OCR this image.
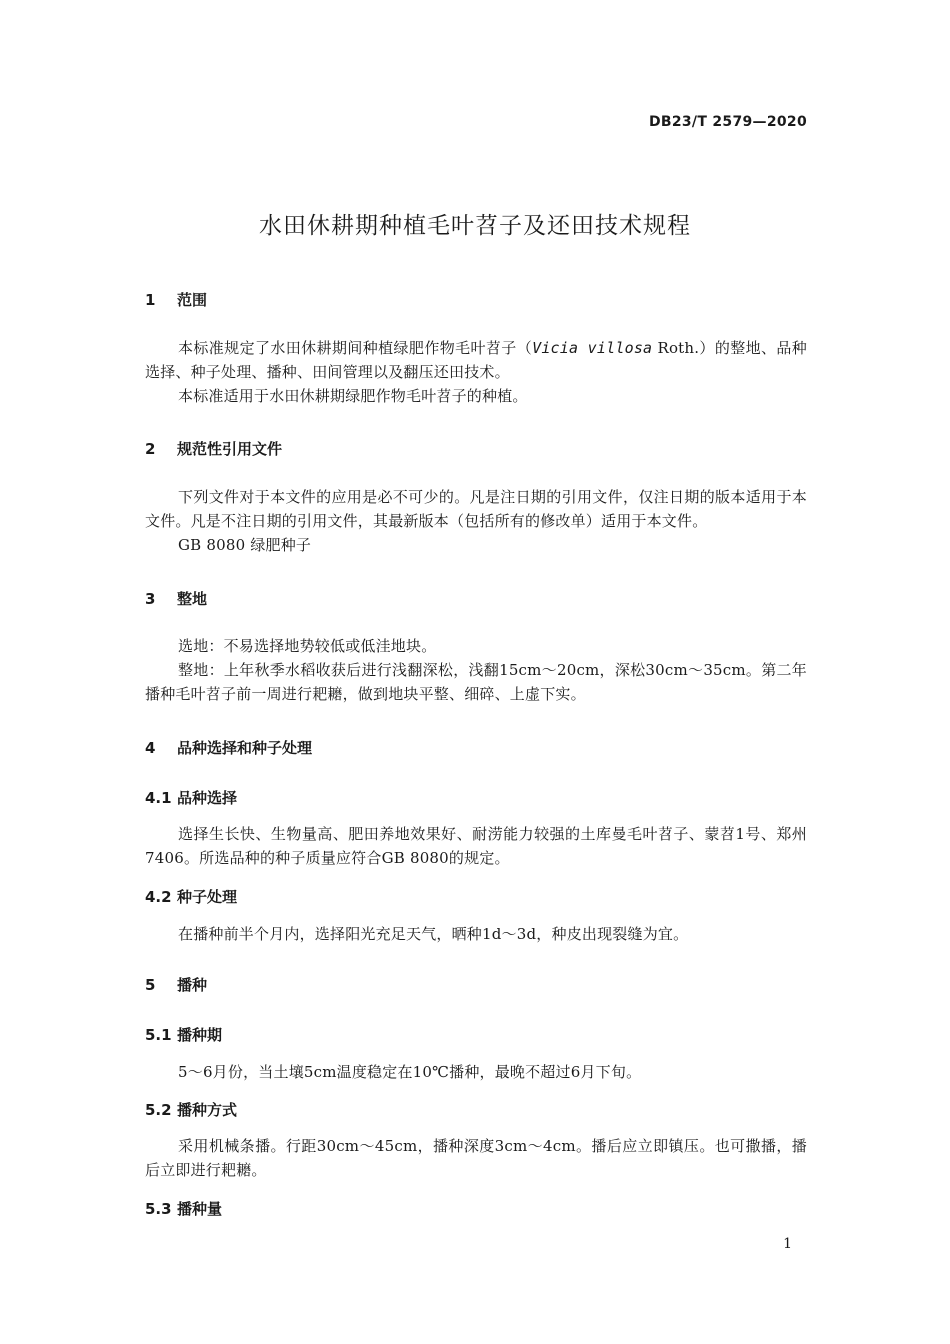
DB23/T 2579—2020
水田休耕期种植毛叶苕子及还田技术规程
1 范围
本标准规定了水田休耕期间种植绿肥作物毛叶苕子（Vicia villosa Roth.）的整地、品种选择、种子处理、播种、田间管理以及翻压还田技术。
本标准适用于水田休耕期绿肥作物毛叶苕子的种植。
2 规范性引用文件
下列文件对于本文件的应用是必不可少的。凡是注日期的引用文件，仅注日期的版本适用于本文件。凡是不注日期的引用文件，其最新版本（包括所有的修改单）适用于本文件。
GB 8080 绿肥种子
3 整地
选地：不易选择地势较低或低洼地块。
整地：上年秋季水稻收获后进行浅翻深松，浅翻15cm～20cm，深松30cm～35cm。第二年播种毛叶苕子前一周进行耙耱，做到地块平整、细碎、上虚下实。
4 品种选择和种子处理
4.1 品种选择
选择生长快、生物量高、肥田养地效果好、耐涝能力较强的土库曼毛叶苕子、蒙苕1号、郑州7406。所选品种的种子质量应符合GB 8080的规定。
4.2 种子处理
在播种前半个月内，选择阳光充足天气，晒种1d～3d，种皮出现裂缝为宜。
5 播种
5.1 播种期
5～6月份，当土壤5cm温度稳定在10℃播种，最晚不超过6月下旬。
5.2 播种方式
采用机械条播。行距30cm～45cm，播种深度3cm～4cm。播后应立即镇压。也可撒播，播后立即进行耙耱。
5.3 播种量
1
